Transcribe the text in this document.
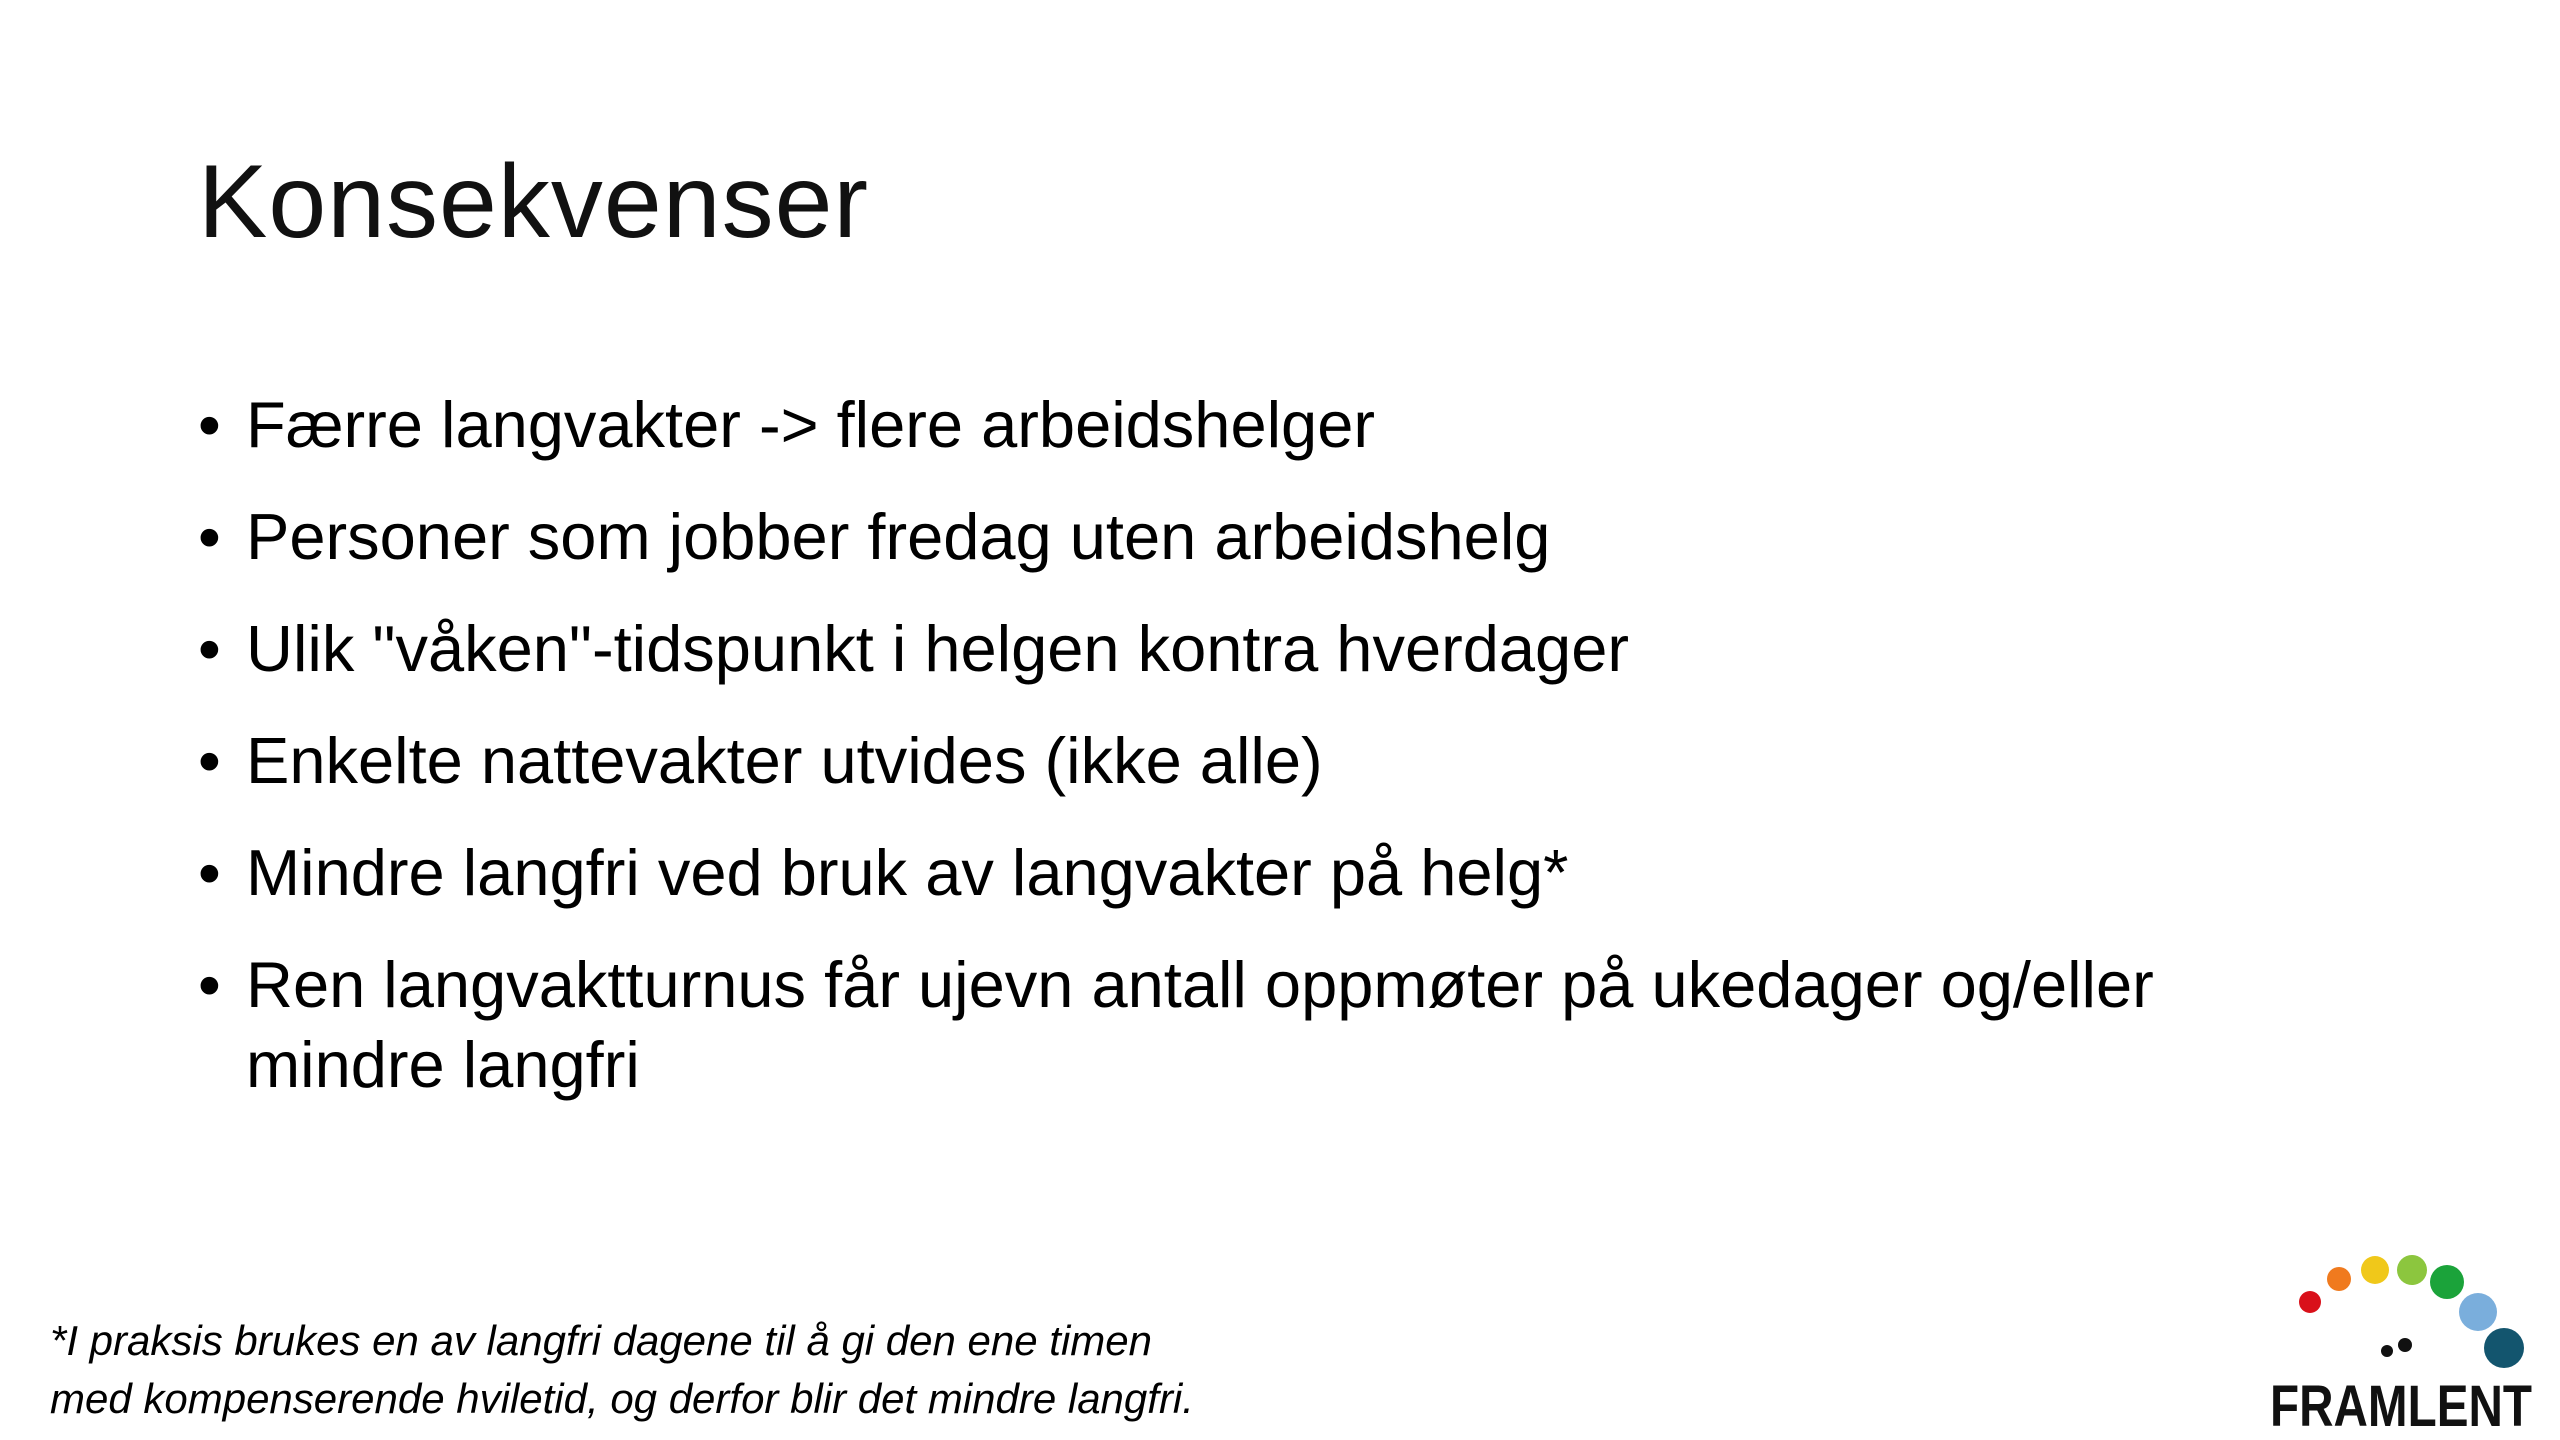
Konsekvenser
• Færre langvakter -> flere arbeidshelger
• Personer som jobber fredag uten arbeidshelg
• Ulik "våken"-tidspunkt i helgen kontra hverdager
• Enkelte nattevakter utvides (ikke alle)
• Mindre langfri ved bruk av langvakter på helg*
• Ren langvaktturnus får ujevn antall oppmøter på ukedager og/eller mindre langfri

*I praksis brukes en av langfri dagene til å gi den ene timen
med kompenserende hviletid, og derfor blir det mindre langfri.	FRAMLENT
